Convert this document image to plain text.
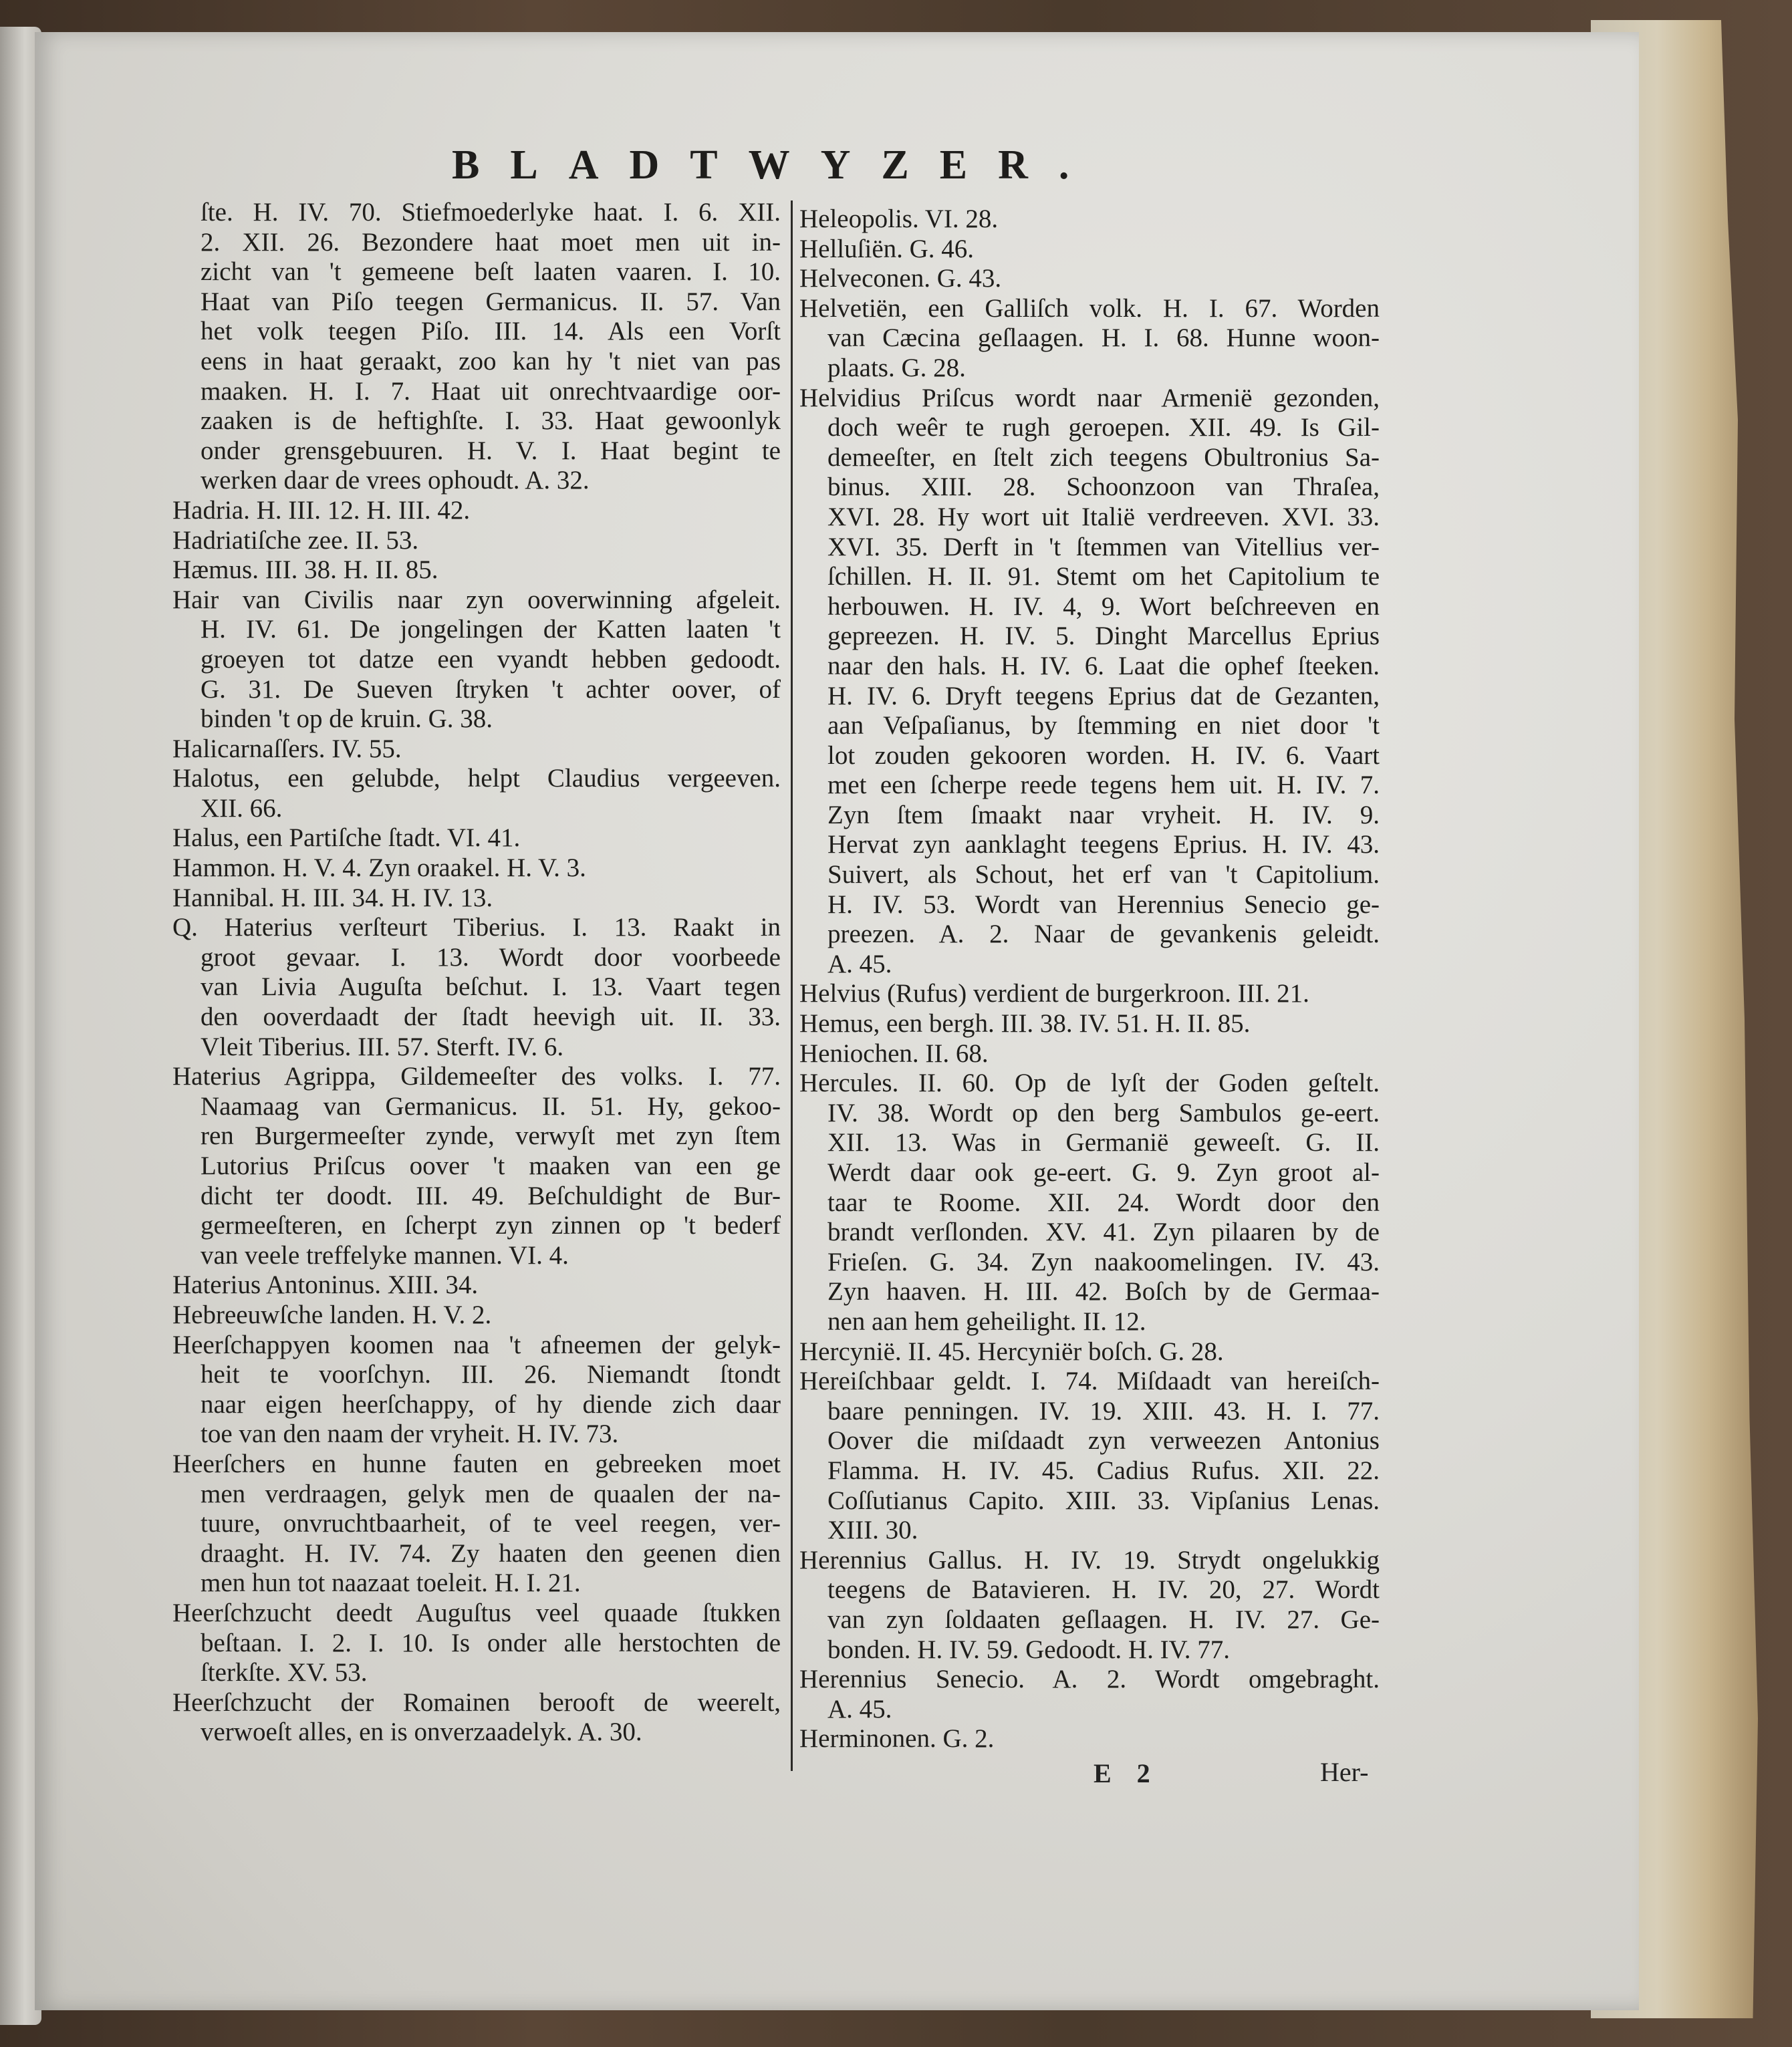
BLADTWYZER.
ſte. H. IV. 70. Stiefmoederlyke haat. I. 6. XII.
2. XII. 26. Bezondere haat moet men uit in-
zicht van 't gemeene beſt laaten vaaren. I. 10.
Haat van Piſo teegen Germanicus. II. 57. Van
het volk teegen Piſo. III. 14. Als een Vorſt
eens in haat geraakt, zoo kan hy 't niet van pas
maaken. H. I. 7. Haat uit onrechtvaardige oor-
zaaken is de heftighſte. I. 33. Haat gewoonlyk
onder grensgebuuren. H. V. I. Haat begint te
werken daar de vrees ophoudt. A. 32.
Hadria. H. III. 12. H. III. 42.
Hadriatiſche zee. II. 53.
Hæmus. III. 38. H. II. 85.
Hair van Civilis naar zyn ooverwinning afgeleit.
H. IV. 61. De jongelingen der Katten laaten 't
groeyen tot datze een vyandt hebben gedoodt.
G. 31. De Sueven ſtryken 't achter oover, of
binden 't op de kruin. G. 38.
Halicarnaſſers. IV. 55.
Halotus, een gelubde, helpt Claudius vergeeven.
XII. 66.
Halus, een Partiſche ſtadt. VI. 41.
Hammon. H. V. 4. Zyn oraakel. H. V. 3.
Hannibal. H. III. 34. H. IV. 13.
Q. Haterius verſteurt Tiberius. I. 13. Raakt in
groot gevaar. I. 13. Wordt door voorbeede
van Livia Auguſta beſchut. I. 13. Vaart tegen
den ooverdaadt der ſtadt heevigh uit. II. 33.
Vleit Tiberius. III. 57. Sterft. IV. 6.
Haterius Agrippa, Gildemeeſter des volks. I. 77.
Naamaag van Germanicus. II. 51. Hy, gekoo-
ren Burgermeeſter zynde, verwyſt met zyn ſtem
Lutorius Priſcus oover 't maaken van een ge
dicht ter doodt. III. 49. Beſchuldight de Bur-
germeeſteren, en ſcherpt zyn zinnen op 't bederf
van veele treffelyke mannen. VI. 4.
Haterius Antoninus. XIII. 34.
Hebreeuwſche landen. H. V. 2.
Heerſchappyen koomen naa 't afneemen der gelyk-
heit te voorſchyn. III. 26. Niemandt ſtondt
naar eigen heerſchappy, of hy diende zich daar
toe van den naam der vryheit. H. IV. 73.
Heerſchers en hunne fauten en gebreeken moet
men verdraagen, gelyk men de quaalen der na-
tuure, onvruchtbaarheit, of te veel reegen, ver-
draaght. H. IV. 74. Zy haaten den geenen dien
men hun tot naazaat toeleit. H. I. 21.
Heerſchzucht deedt Auguſtus veel quaade ſtukken
beſtaan. I. 2. I. 10. Is onder alle herstochten de
ſterkſte. XV. 53.
Heerſchzucht der Romainen berooft de weerelt,
verwoeſt alles, en is onverzaadelyk. A. 30.
Heleopolis. VI. 28.
Helluſiën. G. 46.
Helveconen. G. 43.
Helvetiën, een Galliſch volk. H. I. 67. Worden
van Cæcina geſlaagen. H. I. 68. Hunne woon-
plaats. G. 28.
Helvidius Priſcus wordt naar Armenië gezonden,
doch weêr te rugh geroepen. XII. 49. Is Gil-
demeeſter, en ſtelt zich teegens Obultronius Sa-
binus. XIII. 28. Schoonzoon van Thraſea,
XVI. 28. Hy wort uit Italië verdreeven. XVI. 33.
XVI. 35. Derft in 't ſtemmen van Vitellius ver-
ſchillen. H. II. 91. Stemt om het Capitolium te
herbouwen. H. IV. 4, 9. Wort beſchreeven en
gepreezen. H. IV. 5. Dinght Marcellus Eprius
naar den hals. H. IV. 6. Laat die ophef ſteeken.
H. IV. 6. Dryft teegens Eprius dat de Gezanten,
aan Veſpaſianus, by ſtemming en niet door 't
lot zouden gekooren worden. H. IV. 6. Vaart
met een ſcherpe reede tegens hem uit. H. IV. 7.
Zyn ſtem ſmaakt naar vryheit. H. IV. 9.
Hervat zyn aanklaght teegens Eprius. H. IV. 43.
Suivert, als Schout, het erf van 't Capitolium.
H. IV. 53. Wordt van Herennius Senecio ge-
preezen. A. 2. Naar de gevankenis geleidt.
A. 45.
Helvius (Rufus) verdient de burgerkroon. III. 21.
Hemus, een bergh. III. 38. IV. 51. H. II. 85.
Heniochen. II. 68.
Hercules. II. 60. Op de lyſt der Goden geſtelt.
IV. 38. Wordt op den berg Sambulos ge-eert.
XII. 13. Was in Germanië geweeſt. G. II.
Werdt daar ook ge-eert. G. 9. Zyn groot al-
taar te Roome. XII. 24. Wordt door den
brandt verſlonden. XV. 41. Zyn pilaaren by de
Frieſen. G. 34. Zyn naakoomelingen. IV. 43.
Zyn haaven. H. III. 42. Boſch by de Germaa-
nen aan hem geheilight. II. 12.
Hercynië. II. 45. Hercyniër boſch. G. 28.
Hereiſchbaar geldt. I. 74. Miſdaadt van hereiſch-
baare penningen. IV. 19. XIII. 43. H. I. 77.
Oover die miſdaadt zyn verweezen Antonius
Flamma. H. IV. 45. Cadius Rufus. XII. 22.
Coſſutianus Capito. XIII. 33. Vipſanius Lenas.
XIII. 30.
Herennius Gallus. H. IV. 19. Strydt ongelukkig
teegens de Batavieren. H. IV. 20, 27. Wordt
van zyn ſoldaaten geſlaagen. H. IV. 27. Ge-
bonden. H. IV. 59. Gedoodt. H. IV. 77.
Herennius Senecio. A. 2. Wordt omgebraght.
A. 45.
Herminonen. G. 2.
E 2	Her-
